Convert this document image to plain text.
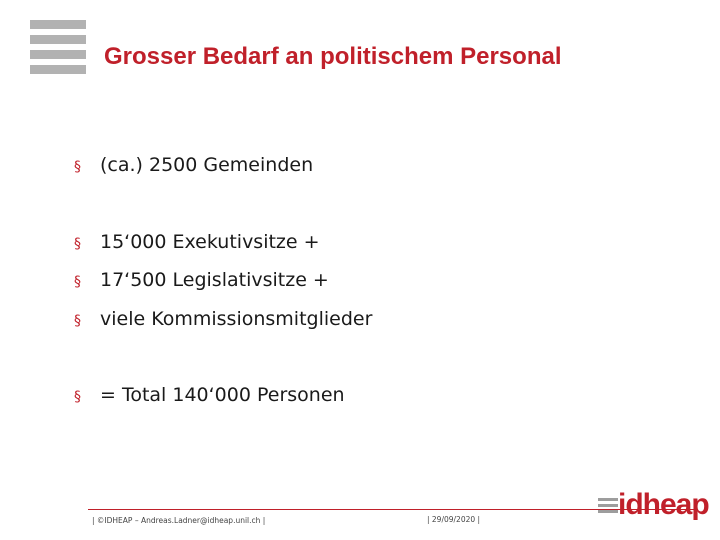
Grosser Bedarf an politischem Personal
§	(ca.) 2500 Gemeinden
§	15‘000 Exekutivsitze +
§	17‘500 Legislativsitze +
§	viele Kommissionsmitglieder
§	= Total 140‘000 Personen
| ©IDHEAP – Andreas.Ladner@idheap.unil.ch |	| 29/09/2020 |	idheap
